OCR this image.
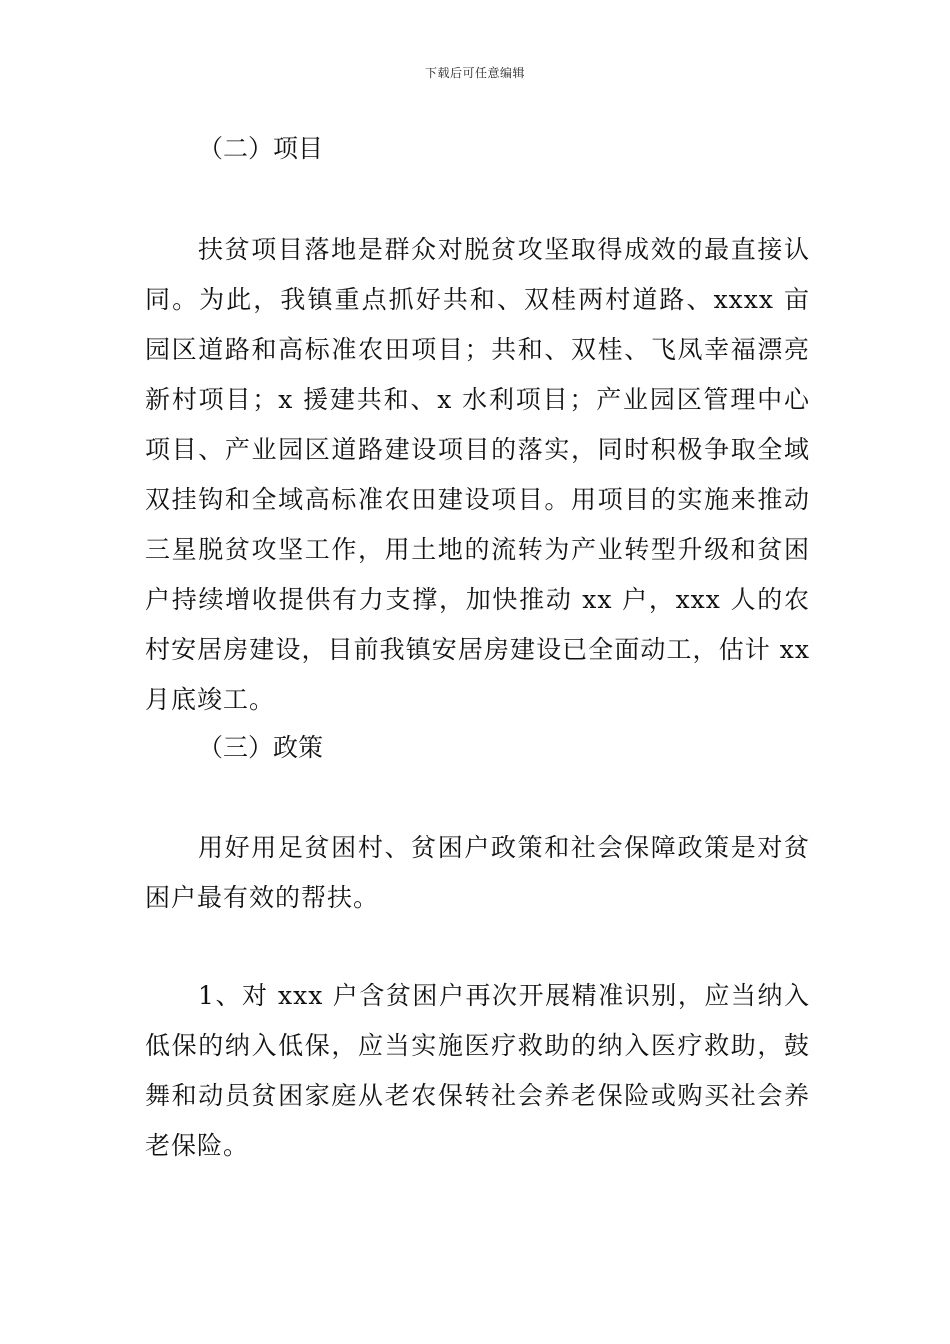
下载后可任意编辑
（二）项目

扶贫项目落地是群众对脱贫攻坚取得成效的最直接认同。为此，我镇重点抓好共和、双桂两村道路、xxxx 亩园区道路和高标准农田项目；共和、双桂、飞凤幸福漂亮新村项目；x 援建共和、x 水利项目；产业园区管理中心项目、产业园区道路建设项目的落实，同时积极争取全域双挂钩和全域高标准农田建设项目。用项目的实施来推动三星脱贫攻坚工作，用土地的流转为产业转型升级和贫困户持续增收提供有力支撑，加快推动 xx 户，xxx 人的农村安居房建设，目前我镇安居房建设已全面动工，估计 xx 月底竣工。

（三）政策

用好用足贫困村、贫困户政策和社会保障政策是对贫困户最有效的帮扶。

1、对 xxx 户含贫困户再次开展精准识别，应当纳入低保的纳入低保，应当实施医疗救助的纳入医疗救助，鼓舞和动员贫困家庭从老农保转社会养老保险或购买社会养老保险。
